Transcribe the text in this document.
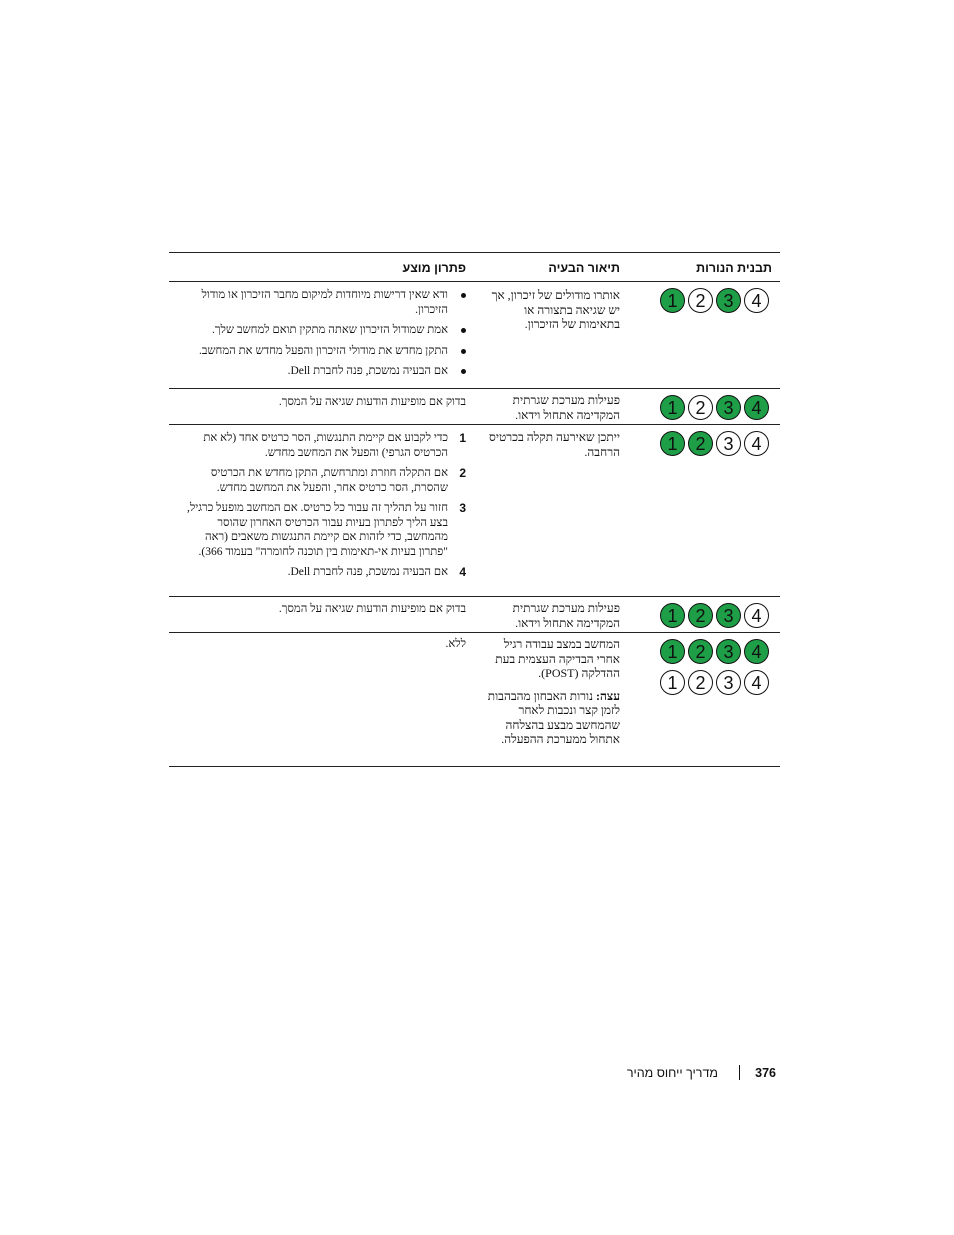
תבנית הנורות
תיאור הבעיה
פתרון מוצע
1 2 3 4
אותרו מודולים של זיכרון, אך יש שגיאה בתצורה או בתאימות של הזיכרון.
ודא שאין דרישות מיוחדות למיקום מחבר הזיכרון או מודול הזיכרון.
אמת שמודול הזיכרון שאתה מתקין תואם למחשב שלך.
התקן מחדש את מודולי הזיכרון והפעל מחדש את המחשב.
אם הבעיה נמשכת, פנה לחברת Dell.
1 2 3 4
פעילות מערכת שגרתית המקדימה אתחול וידאו.
בדוק אם מופיעות הודעות שגיאה על המסך.
1 2 3 4
ייתכן שאירעה תקלה בכרטיס הרחבה.
1
כדי לקבוע אם קיימת התנגשות, הסר כרטיס אחד (לא את הכרטיס הגרפי) והפעל את המחשב מחדש.
2
אם התקלה חוזרת ומתרחשת, התקן מחדש את הכרטיס שהסרת, הסר כרטיס אחר, והפעל את המחשב מחדש.
3
חזור על תהליך זה עבור כל כרטיס. אם המחשב מופעל כרגיל, בצע הליך לפתרון בעיות עבור הכרטיס האחרון שהוסר מהמחשב, כדי לזהות אם קיימת התנגשות משאבים (ראה "פתרון בעיות אי-תאימות בין תוכנה לחומרה" בעמוד 366).
4
אם הבעיה נמשכת, פנה לחברת Dell.
1 2 3 4
פעילות מערכת שגרתית המקדימה אתחול וידאו.
בדוק אם מופיעות הודעות שגיאה על המסך.
1 2 3 4
1 2 3 4
המחשב במצב עבודה רגיל אחרי הבדיקה העצמית בעת ההדלקה (POST).
עצה: נורות האבחון מהבהבות לזמן קצר ונכבות לאחר שהמחשב מבצע בהצלחה אתחול ממערכת ההפעלה.
ללא.
376
מדריך ייחוס מהיר
